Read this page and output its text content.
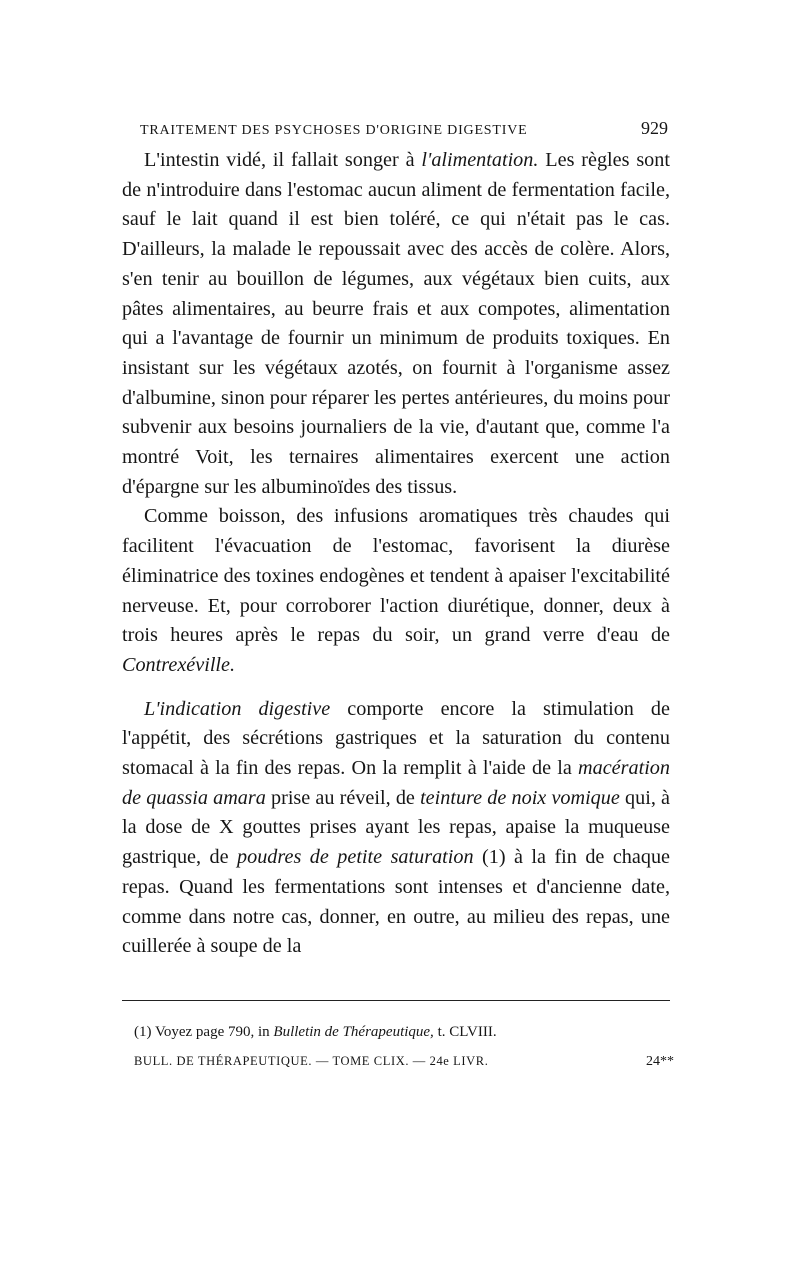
TRAITEMENT DES PSYCHOSES D'ORIGINE DIGESTIVE	929

L'intestin vidé, il fallait songer à l'alimentation. Les règles sont de n'introduire dans l'estomac aucun aliment de fermentation facile, sauf le lait quand il est bien toléré, ce qui n'était pas le cas. D'ailleurs, la malade le repoussait avec des accès de colère. Alors, s'en tenir au bouillon de légumes, aux végétaux bien cuits, aux pâtes alimentaires, au beurre frais et aux compotes, alimentation qui a l'avantage de fournir un minimum de produits toxiques. En insistant sur les végétaux azotés, on fournit à l'organisme assez d'albumine, sinon pour réparer les pertes antérieures, du moins pour subvenir aux besoins journaliers de la vie, d'autant que, comme l'a montré Voit, les ternaires alimentaires exercent une action d'épargne sur les albuminoïdes des tissus.

Comme boisson, des infusions aromatiques très chaudes qui facilitent l'évacuation de l'estomac, favorisent la diurèse éliminatrice des toxines endogènes et tendent à apaiser l'excitabilité nerveuse. Et, pour corroborer l'action diurétique, donner, deux à trois heures après le repas du soir, un grand verre d'eau de Contrexéville.

L'indication digestive comporte encore la stimulation de l'appétit, des sécrétions gastriques et la saturation du contenu stomacal à la fin des repas. On la remplit à l'aide de la macération de quassia amara prise au réveil, de teinture de noix vomique qui, à la dose de X gouttes prises ayant les repas, apaise la muqueuse gastrique, de poudres de petite saturation (1) à la fin de chaque repas. Quand les fermentations sont intenses et d'ancienne date, comme dans notre cas, donner, en outre, au milieu des repas, une cuillerée à soupe de la

(1) Voyez page 790, in Bulletin de Thérapeutique, t. CLVIII.
BULL. DE THÉRAPEUTIQUE. — TOME CLIX. — 24e LIVR.	24**
